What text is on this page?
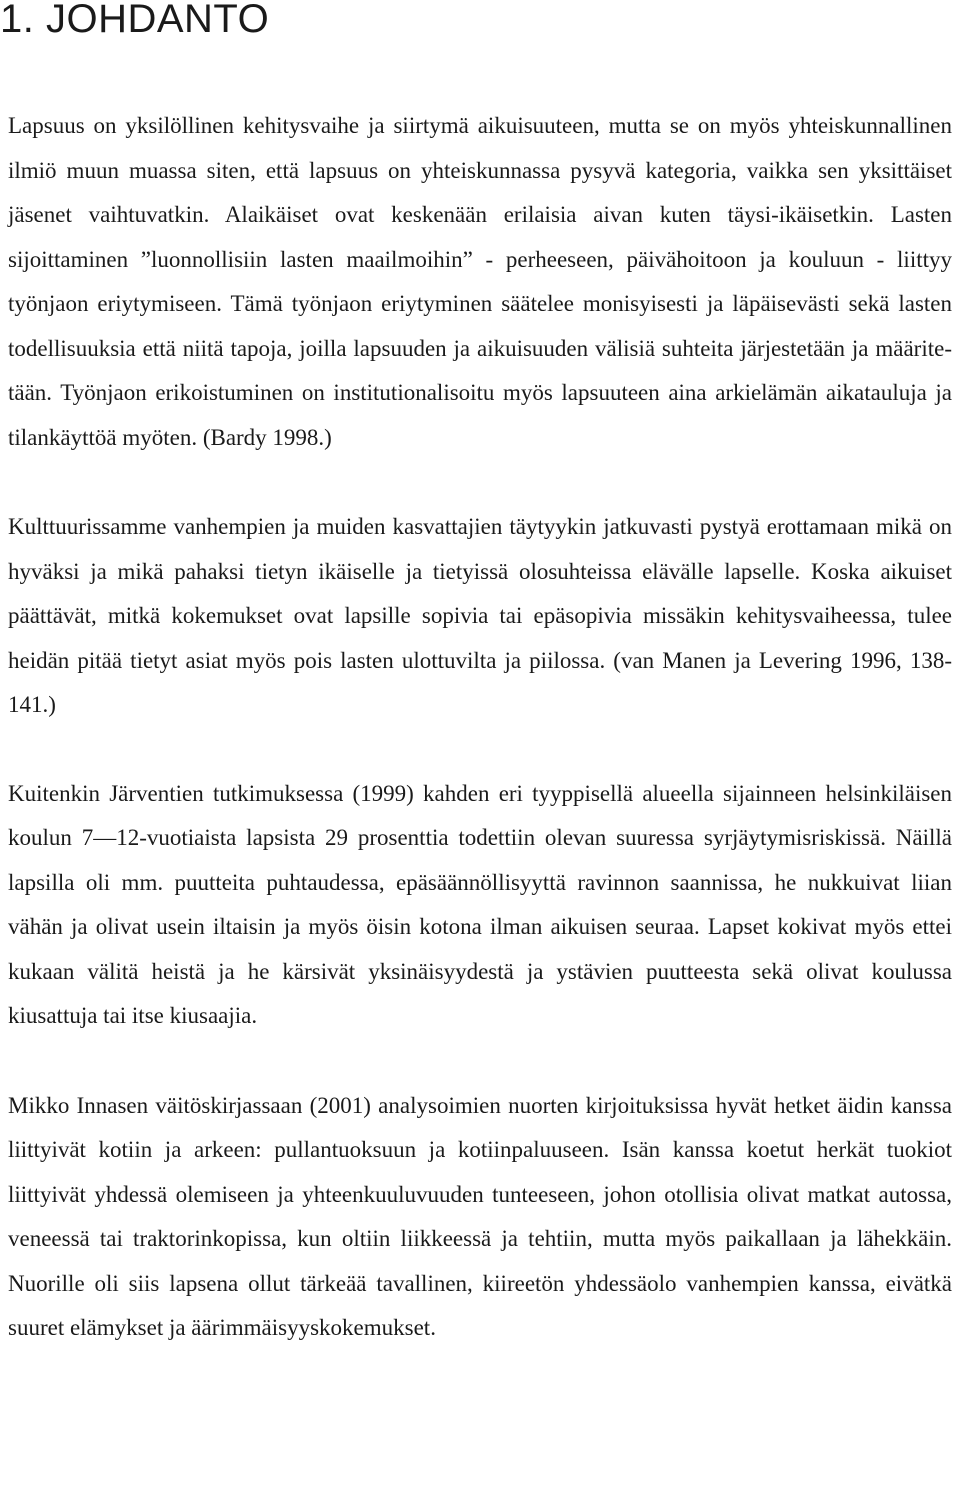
1. JOHDANTO

Lapsuus on yksilöllinen kehitysvaihe ja siirtymä aikuisuuteen, mutta se on myös yhteiskunnallinen ilmiö muun muassa siten, että lapsuus on yhteiskunnassa pysyvä kategoria, vaikka sen yksittäiset jäsenet vaihtuvatkin. Alaikäiset ovat keskenään erilaisia aivan kuten täysi-ikäisetkin. Lasten sijoittaminen ”luonnollisiin lasten maailmoihin” - perheeseen, päivähoitoon ja kouluun - liittyy työnjaon eriytymiseen. Tämä työnjaon eriytyminen säätelee monisyisesti ja läpäisevästi sekä lasten todellisuuksia että niitä tapoja, joilla lapsuuden ja aikuisuuden välisiä suhteita järjestetään ja määritetään. Työnjaon erikoistuminen on institutionalisoitu myös lapsuuteen aina arkielämän aikatauluja ja tilankäyttöä myöten. (Bardy 1998.)

Kulttuurissamme vanhempien ja muiden kasvattajien täytyykin jatkuvasti pystyä erottamaan mikä on hyväksi ja mikä pahaksi tietyn ikäiselle ja tietyissä olosuhteissa elävälle lapselle. Koska aikuiset päättävät, mitkä kokemukset ovat lapsille sopivia tai epäsopivia missäkin kehitysvaiheessa, tulee heidän pitää tietyt asiat myös pois lasten ulottuvilta ja piilossa. (van Manen ja Levering 1996, 138-141.)

Kuitenkin Järventien tutkimuksessa (1999) kahden eri tyyppisellä alueella sijainneen helsinkiläisen koulun 7—12-vuotiaista lapsista 29 prosenttia todettiin olevan suuressa syrjäytymisriskissä. Näillä lapsilla oli mm. puutteita puhtaudessa, epäsäännöllisyyttä ravinnon saannissa, he nukkuivat liian vähän ja olivat usein iltaisin ja myös öisin kotona ilman aikuisen seuraa. Lapset kokivat myös ettei kukaan välitä heistä ja he kärsivät yksinäisyydestä ja ystävien puutteesta sekä olivat koulussa kiusattuja tai itse kiusaajia.

Mikko Innasen väitöskirjassaan (2001) analysoimien nuorten kirjoituksissa hyvät hetket äidin kanssa liittyivät kotiin ja arkeen: pullantuoksuun ja kotiinpaluuseen. Isän kanssa koetut herkät tuokiot liittyivät yhdessä olemiseen ja yhteenkuuluvuuden tunteeseen, johon otollisia olivat matkat autossa, veneessä tai traktorinkopissa, kun oltiin liikkeessä ja tehtiin, mutta myös paikallaan ja lähekkäin. Nuorille oli siis lapsena ollut tärkeää tavallinen, kiireetön yhdessäolo vanhempien kanssa, eivätkä suuret elämykset ja äärimmäisyyskokemukset.
